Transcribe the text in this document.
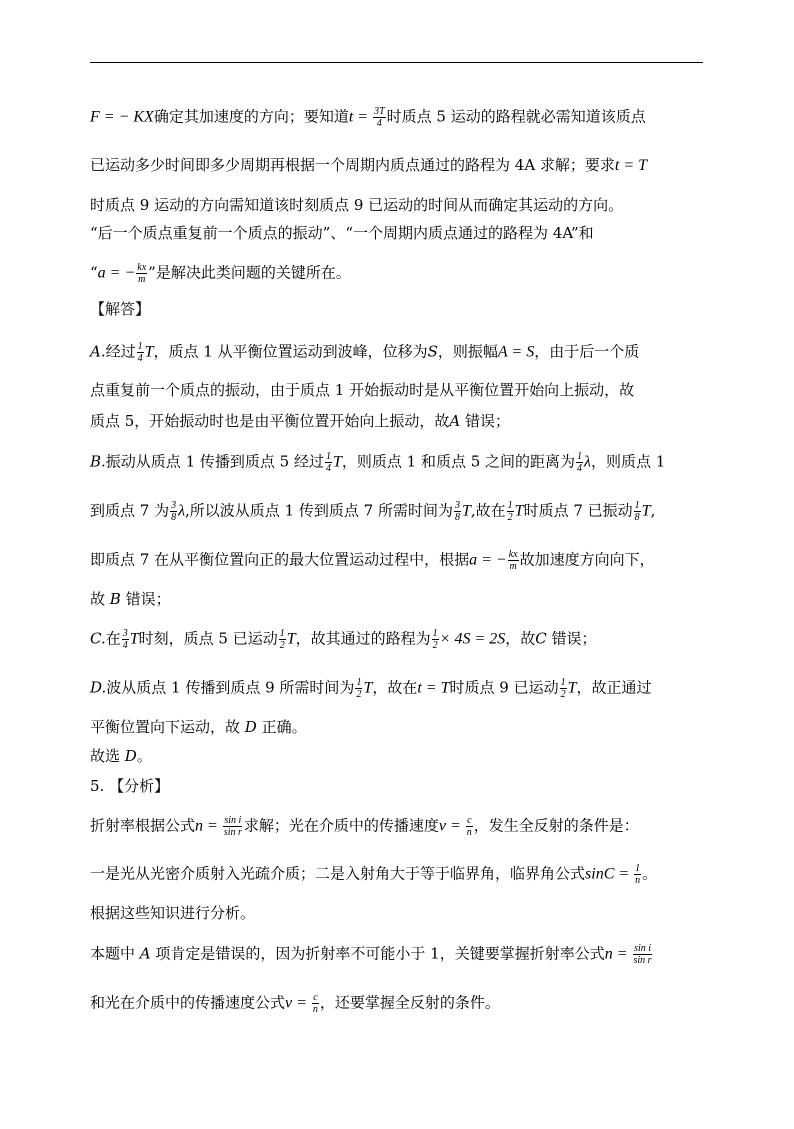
F = − KX确定其加速度的方向；要知道$t = \frac{3T}{4}$ 时质点 5 运动的路程就必需知道该质点
已运动多少时间即多少周期再根据一个周期内质点通过的路程为 4A 求解；要求t = T
时质点 9 运动的方向需知道该时刻质点 9 已运动的时间从而确定其运动的方向。
“后一个质点重复前一个质点的振动”、“一个周期内质点通过的路程为 4A”和
“a = − $\frac{kx}{m}$ ”是解决此类问题的关键所在。
【解答】
A.经过 $\frac{1}{4}$ T，质点 1 从平衡位置运动到波峰，位移为S，则振幅A = S，由于后一个质
点重复前一个质点的振动，由于质点 1 开始振动时是从平衡位置开始向上振动，故
质点 5，开始振动时也是由平衡位置开始向上振动，故A 错误；
B.振动从质点 1 传播到质点 5 经过 $\frac{1}{4}$ T，则质点 1 和质点 5 之间的距离为 $\frac{1}{4}$ λ，则质点 1
到质点 7 为 $\frac{3}{8} \lambda$,所以波从质点 1 传到质点 7 所需时间为 $\frac{3}{8} T$,故在 $\frac{1}{2}$ T时质点 7 已振动 $\frac{1}{8} T$,
即质点 7 在从平衡位置向正的最大位置运动过程中，根据a = − $\frac{kx}{m}$ 故加速度方向向下，
故 B 错误；
C.在 $\frac{3}{4}$ T时刻，质点 5 已运动 $\frac{1}{2}$ T，故其通过的路程为 $\frac{1}{2} \times 4S = 2S$，故C 错误；
D.波从质点 1 传播到质点 9 所需时间为 $\frac{1}{2}$ T，故在t = T时质点 9 已运动 $\frac{1}{2}$ T，故正通过
平衡位置向下运动，故 D 正确。
故选 D。
5. 【分析】
折射率根据公式$n = \frac{\text{sin i}}{\text{sin r}}$ 求解；光在介质中的传播速度$v = \frac{c}{n}$ ，发生全反射的条件是：
一是光从光密介质射入光疏介质；二是入射角大于等于临界角，临界角公式$\sin C = \frac{1}{n}$ 。
根据这些知识进行分析。
本题中 A 项肯定是错误的，因为折射率不可能小于 1，关键要掌握折射率公式$n = \frac{\text{sin i}}{\text{sin r}}$
和光在介质中的传播速度公式$v = \frac{c}{n}$ ，还要掌握全反射的条件。
